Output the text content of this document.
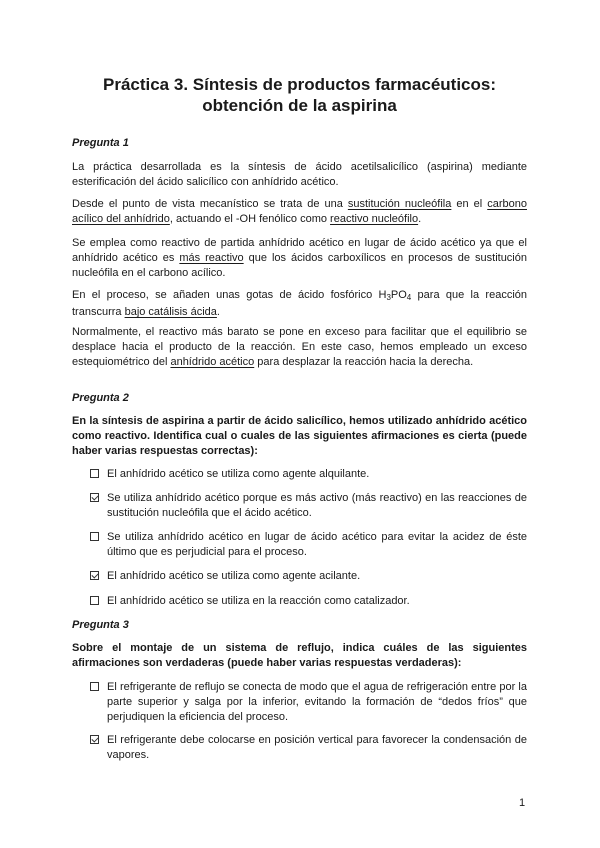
Práctica 3. Síntesis de productos farmacéuticos:
obtención de la aspirina
Pregunta 1
La práctica desarrollada es la síntesis de ácido acetilsalicílico (aspirina) mediante esterificación del ácido salicílico con anhídrido acético.
Desde el punto de vista mecanístico se trata de una sustitución nucleófila en el carbono acílico del anhídrido, actuando el -OH fenólico como reactivo nucleófilo.
Se emplea como reactivo de partida anhídrido acético en lugar de ácido acético ya que el anhídrido acético es más reactivo que los ácidos carboxílicos en procesos de sustitución nucleófila en el carbono acílico.
En el proceso, se añaden unas gotas de ácido fosfórico $H_3PO_4$ para que la reacción transcurra bajo catálisis ácida.
Normalmente, el reactivo más barato se pone en exceso para facilitar que el equilibrio se desplace hacia el producto de la reacción. En este caso, hemos empleado un exceso estequiométrico del anhídrido acético para desplazar la reacción hacia la derecha.
Pregunta 2
En la síntesis de aspirina a partir de ácido salicílico, hemos utilizado anhídrido acético como reactivo. Identifica cual o cuales de las siguientes afirmaciones es cierta (puede haber varias respuestas correctas):
El anhídrido acético se utiliza como agente alquilante.
Se utiliza anhídrido acético porque es más activo (más reactivo) en las reacciones de sustitución nucleófila que el ácido acético.
Se utiliza anhídrido acético en lugar de ácido acético para evitar la acidez de éste último que es perjudicial para el proceso.
El anhídrido acético se utiliza como agente acilante.
El anhídrido acético se utiliza en la reacción como catalizador.
Pregunta 3
Sobre el montaje de un sistema de reflujo, indica cuáles de las siguientes afirmaciones son verdaderas (puede haber varias respuestas verdaderas):
El refrigerante de reflujo se conecta de modo que el agua de refrigeración entre por la parte superior y salga por la inferior, evitando la formación de “dedos fríos” que perjudiquen la eficiencia del proceso.
El refrigerante debe colocarse en posición vertical para favorecer la condensación de vapores.
1
